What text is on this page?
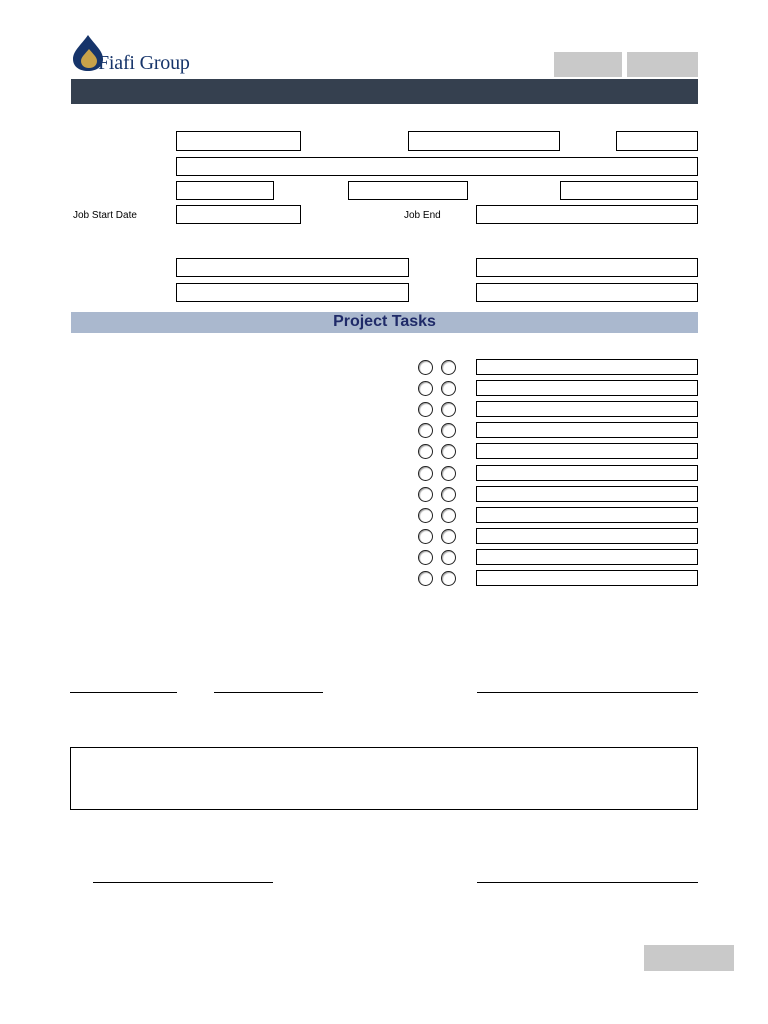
Fiafi Group
Job Start Date	Job End
Project Tasks
